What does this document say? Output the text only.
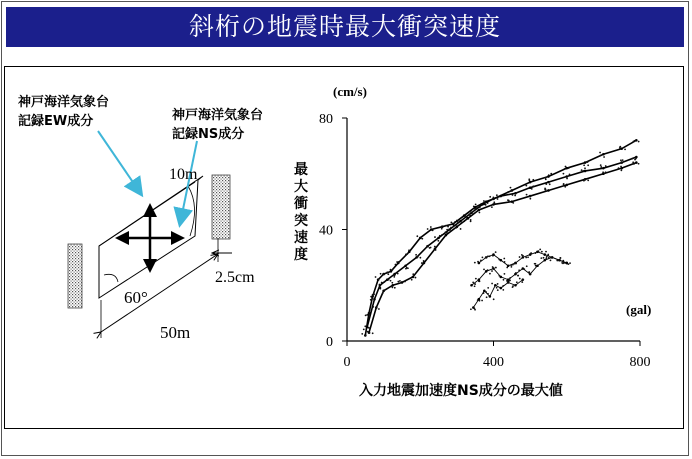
斜桁の地震時最大衝突速度
0	400	800
0
40
80
神戸海洋気象台
記録EW成分	神戸海洋気象台
記録NS成分
10m
2.5cm
60°
50m
(cm/s)
(gal)
最大衝突速度
入力地震加速度NS成分の最大値
